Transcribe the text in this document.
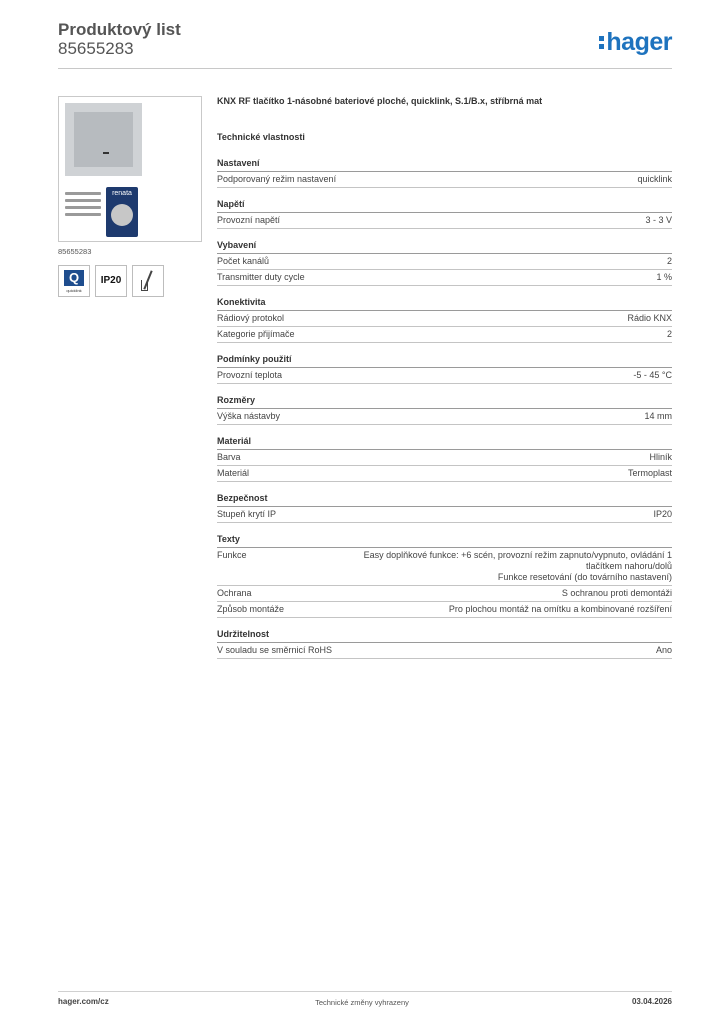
Produktový list
85655283	hager
renata
85655283
Q
quicklink
IP20
KNX RF tlačítko 1-násobné bateriové ploché, quicklink, S.1/B.x, stříbrná mat
Technické vlastnosti
Nastavení
Podporovaný režim nastavení	quicklink
Napětí
Provozní napětí	3 - 3 V
Vybavení
Počet kanálů	2
Transmitter duty cycle	1 %
Konektivita
Rádiový protokol	Rádio KNX
Kategorie přijímače	2
Podmínky použití
Provozní teplota	-5 - 45 °C
Rozměry
Výška nástavby	14 mm
Materiál
Barva	Hliník
Materiál	Termoplast
Bezpečnost
Stupeň krytí IP	IP20
Texty
Funkce	Easy doplňkové funkce: +6 scén, provozní režim zapnuto/vypnuto, ovládání 1
tlačítkem nahoru/dolů
Funkce resetování (do továrního nastavení)
Ochrana	S ochranou proti demontáži
Způsob montáže	Pro plochou montáž na omítku a kombinované rozšíření
Udržitelnost
V souladu se směrnicí RoHS	Ano
hager.com/cz	Technické změny vyhrazeny	03.04.2026
